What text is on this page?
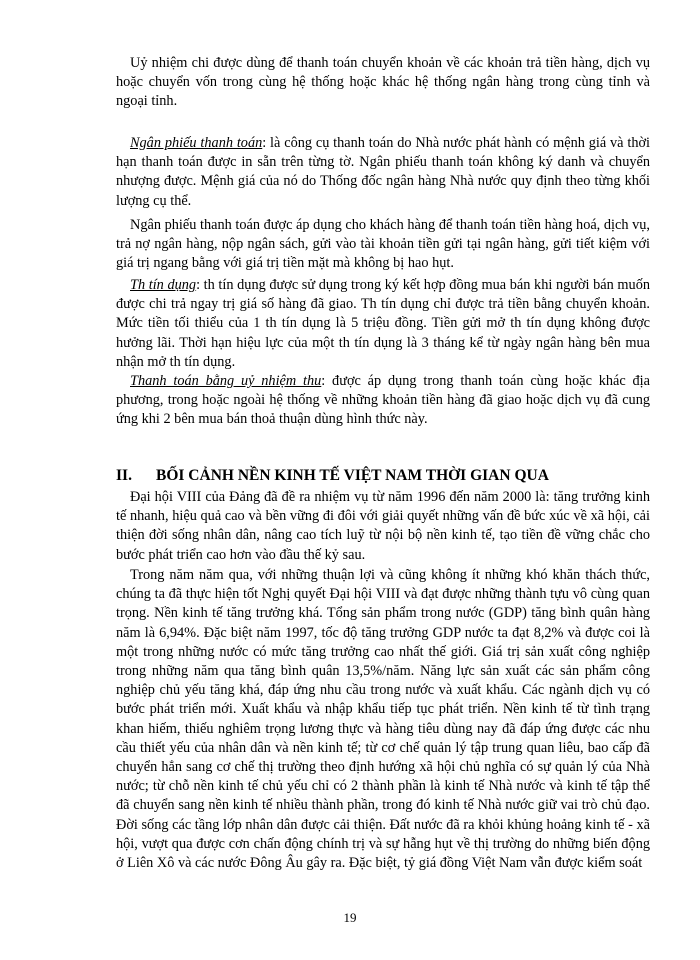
Uỷ nhiệm chi được dùng để thanh toán chuyển khoản về các khoản trả tiền hàng, dịch vụ hoặc chuyển vốn trong cùng hệ thống hoặc khác hệ thống ngân hàng trong cùng tỉnh và ngoại tỉnh.

Ngân phiếu thanh toán: là công cụ thanh toán do Nhà nước phát hành có mệnh giá và thời hạn thanh toán được in sẵn trên từng tờ. Ngân phiếu thanh toán không ký danh và chuyển nhượng được. Mệnh giá của nó do Thống đốc ngân hàng Nhà nước quy định theo từng khối lượng cụ thể.

Ngân phiếu thanh toán được áp dụng cho khách hàng để thanh toán tiền hàng hoá, dịch vụ, trả nợ ngân hàng, nộp ngân sách, gửi vào tài khoản tiền gửi tại ngân hàng, gửi tiết kiệm với giá trị ngang bằng với giá trị tiền mặt mà không bị hao hụt.

Th tín dụng: th tín dụng được sử dụng trong ký kết hợp đồng mua bán khi người bán muốn được chi trả ngay trị giá số hàng đã giao. Th tín dụng chỉ được trả tiền bằng chuyển khoản. Mức tiền tối thiểu của 1 th tín dụng là 5 triệu đồng. Tiền gửi mở th tín dụng không được hưởng lãi. Thời hạn hiệu lực của một th tín dụng là 3 tháng kể từ ngày ngân hàng bên mua nhận mở th tín dụng.

Thanh toán bằng uỷ nhiệm thu: được áp dụng trong thanh toán cùng hoặc khác địa phương, trong hoặc ngoài hệ thống về những khoản tiền hàng đã giao hoặc dịch vụ đã cung ứng khi 2 bên mua bán thoả thuận dùng hình thức này.

II. BỐI CẢNH NỀN KINH TẾ VIỆT NAM THỜI GIAN QUA

Đại hội VIII của Đảng đã đề ra nhiệm vụ từ năm 1996 đến năm 2000 là: tăng trưởng kinh tế nhanh, hiệu quả cao và bền vững đi đôi với giải quyết những vấn đề bức xúc về xã hội, cải thiện đời sống nhân dân, nâng cao tích luỹ từ nội bộ nền kinh tế, tạo tiền đề vững chắc cho bước phát triển cao hơn vào đầu thế kỷ sau.

Trong năm năm qua, với những thuận lợi và cũng không ít những khó khăn thách thức, chúng ta đã thực hiện tốt Nghị quyết Đại hội VIII và đạt được những thành tựu vô cùng quan trọng. Nền kinh tế tăng trưởng khá. Tổng sản phẩm trong nước (GDP) tăng bình quân hàng năm là 6,94%. Đặc biệt năm 1997, tốc độ tăng trưởng GDP nước ta đạt 8,2% và được coi là một trong những nước có mức tăng trưởng cao nhất thế giới. Giá trị sản xuất công nghiệp trong những năm qua tăng bình quân 13,5%/năm. Năng lực sản xuất các sản phẩm công nghiệp chủ yếu tăng khá, đáp ứng nhu cầu trong nước và xuất khẩu. Các ngành dịch vụ có bước phát triển mới. Xuất khẩu và nhập khẩu tiếp tục phát triển. Nền kinh tế từ tình trạng khan hiếm, thiếu nghiêm trọng lương thực và hàng tiêu dùng nay đã đáp ứng được các nhu cầu thiết yếu của nhân dân và nền kinh tế; từ cơ chế quản lý tập trung quan liêu, bao cấp đã chuyển hẳn sang cơ chế thị trường theo định hướng xã hội chủ nghĩa có sự quản lý của Nhà nước; từ chỗ nền kinh tế chủ yếu chỉ có 2 thành phần là kinh tế Nhà nước và kinh tế tập thể đã chuyển sang nền kinh tế nhiều thành phần, trong đó kinh tế Nhà nước giữ vai trò chủ đạo. Đời sống các tầng lớp nhân dân được cải thiện. Đất nước đã ra khỏi khủng hoảng kinh tế - xã hội, vượt qua được cơn chấn động chính trị và sự hẫng hụt về thị trường do những biến động ở Liên Xô và các nước Đông Âu gây ra. Đặc biệt, tỷ giá đồng Việt Nam vẫn được kiểm soát

19
